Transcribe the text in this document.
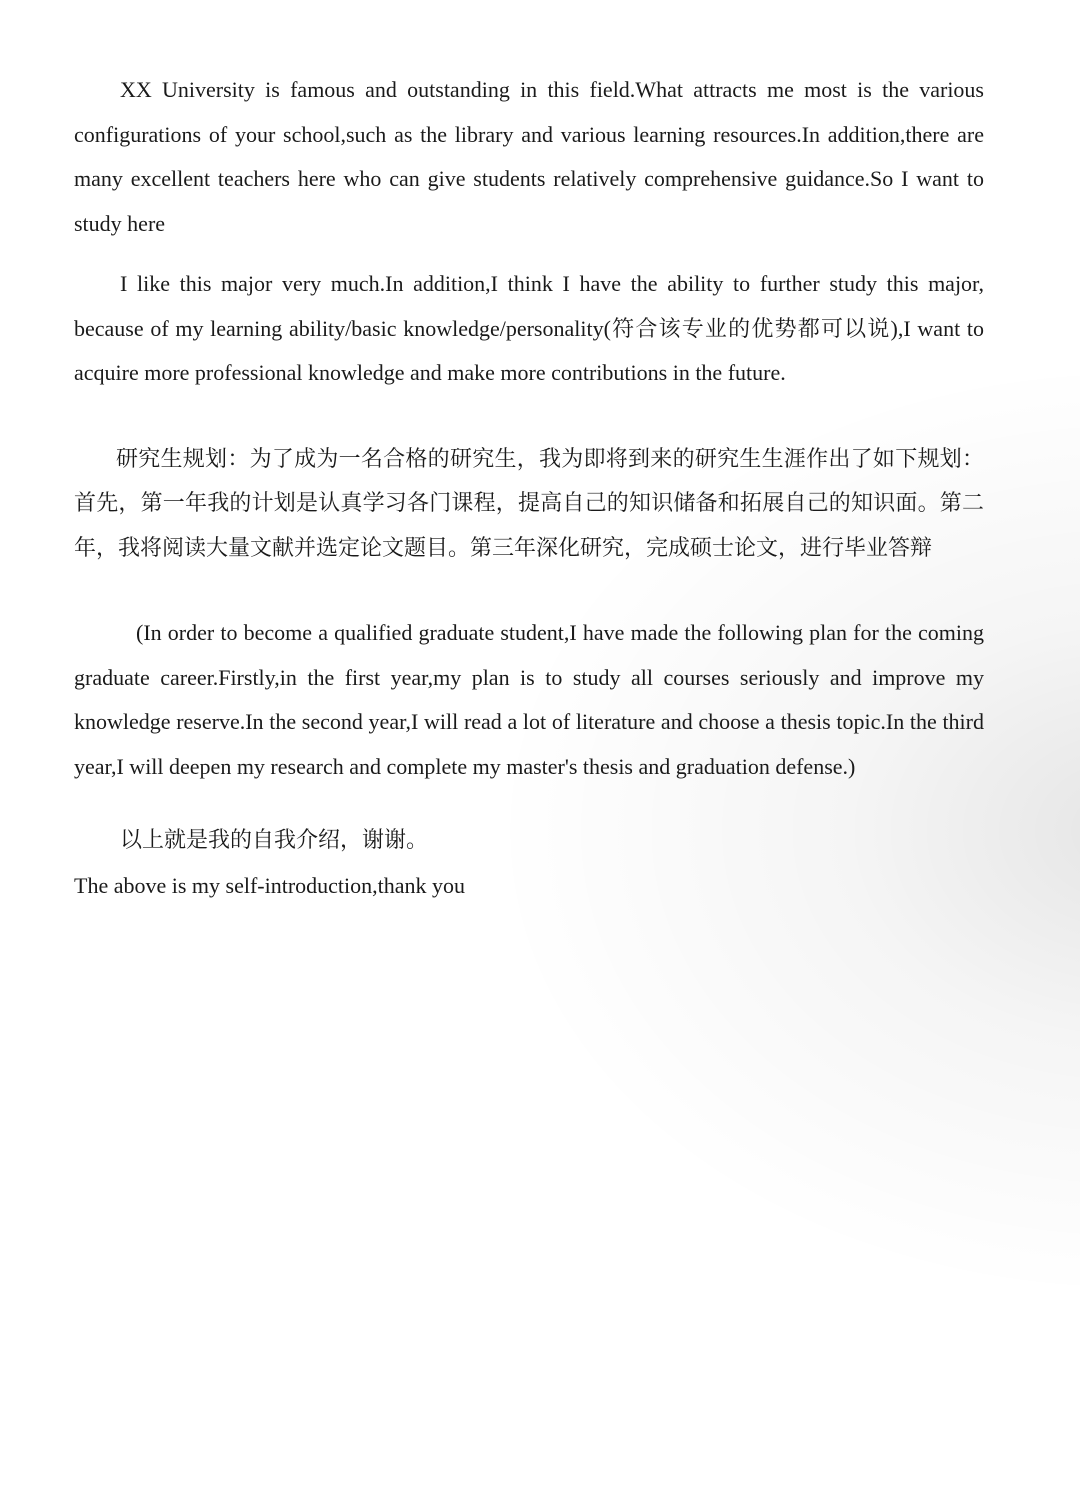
XX University is famous and outstanding in this field.What attracts me most is the various configurations of your school,such as the library and various learning resources.In addition,there are many excellent teachers here who can give students relatively comprehensive guidance.So I want to study here

I like this major very much.In addition,I think I have the ability to further study this major, because of my learning ability/basic knowledge/personality(符合该专业的优势都可以说),I want to acquire more professional knowledge and make more contributions in the future.

研究生规划：为了成为一名合格的研究生，我为即将到来的研究生生涯作出了如下规划：首先，第一年我的计划是认真学习各门课程，提高自己的知识储备和拓展自己的知识面。第二年，我将阅读大量文献并选定论文题目。第三年深化研究，完成硕士论文，进行毕业答辩

(In order to become a qualified graduate student,I have made the following plan for the coming graduate career.Firstly,in the first year,my plan is to study all courses seriously and improve my knowledge reserve.In the second year,I will read a lot of literature and choose a thesis topic.In the third year,I will deepen my research and complete my master's thesis and graduation defense.)

以上就是我的自我介绍，谢谢。

The above is my self-introduction,thank you
